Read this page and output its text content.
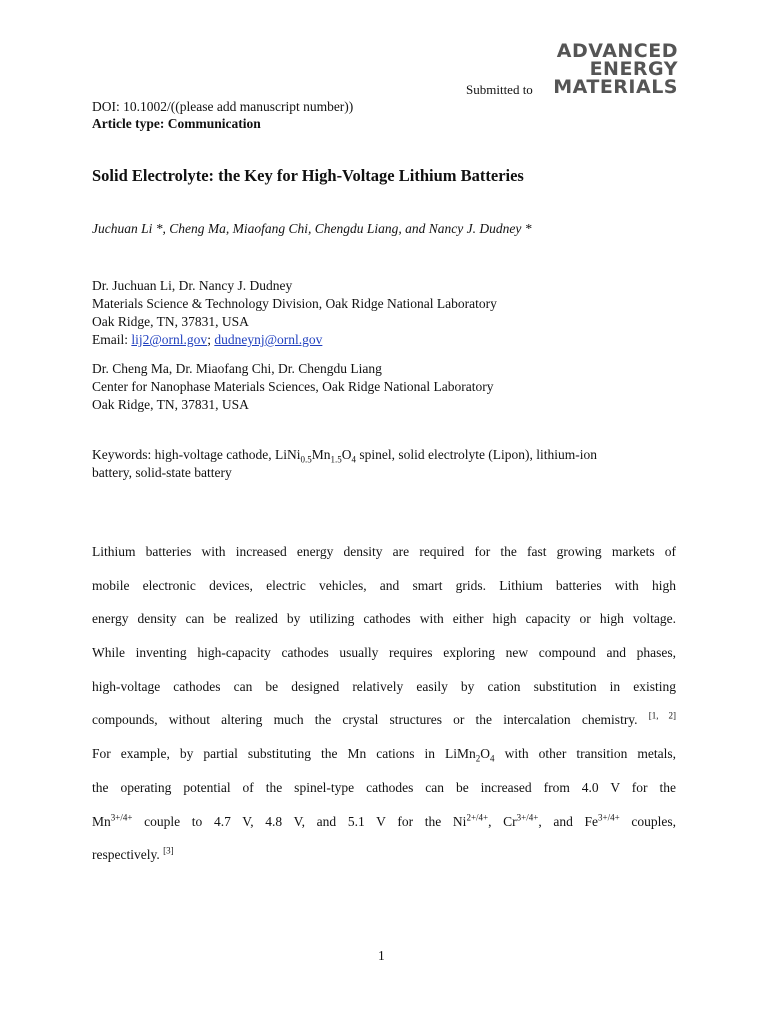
Submitted to
ADVANCED
ENERGY
MATERIALS
DOI: 10.1002/((please add manuscript number))
Article type: Communication
Solid Electrolyte: the Key for High-Voltage Lithium Batteries
Juchuan Li *, Cheng Ma, Miaofang Chi, Chengdu Liang, and Nancy J. Dudney *
Dr. Juchuan Li, Dr. Nancy J. Dudney
Materials Science & Technology Division, Oak Ridge National Laboratory
Oak Ridge, TN, 37831, USA
Email: lij2@ornl.gov; dudneynj@ornl.gov
Dr. Cheng Ma, Dr. Miaofang Chi, Dr. Chengdu Liang
Center for Nanophase Materials Sciences, Oak Ridge National Laboratory
Oak Ridge, TN, 37831, USA
Keywords: high-voltage cathode, $LiNi_{0.5}Mn_{1.5}O_4$ spinel, solid electrolyte (Lipon), lithium-ion
battery, solid-state battery
Lithium batteries with increased energy density are required for the fast growing markets of
mobile electronic devices, electric vehicles, and smart grids. Lithium batteries with high
energy density can be realized by utilizing cathodes with either high capacity or high voltage.
While inventing high-capacity cathodes usually requires exploring new compound and phases,
high-voltage cathodes can be designed relatively easily by cation substitution in existing
compounds, without altering much the crystal structures or the intercalation chemistry. [1, 2]
For example, by partial substituting the Mn cations in $LiMn_2O_4$ with other transition metals,
the operating potential of the spinel-type cathodes can be increased from 4.0 V for the
$Mn^{3+/4+}$ couple to 4.7 V, 4.8 V, and 5.1 V for the $Ni^{2+/4+}$, $Cr^{3+/4+}$, and $Fe^{3+/4+}$ couples,
respectively. [3]
1
